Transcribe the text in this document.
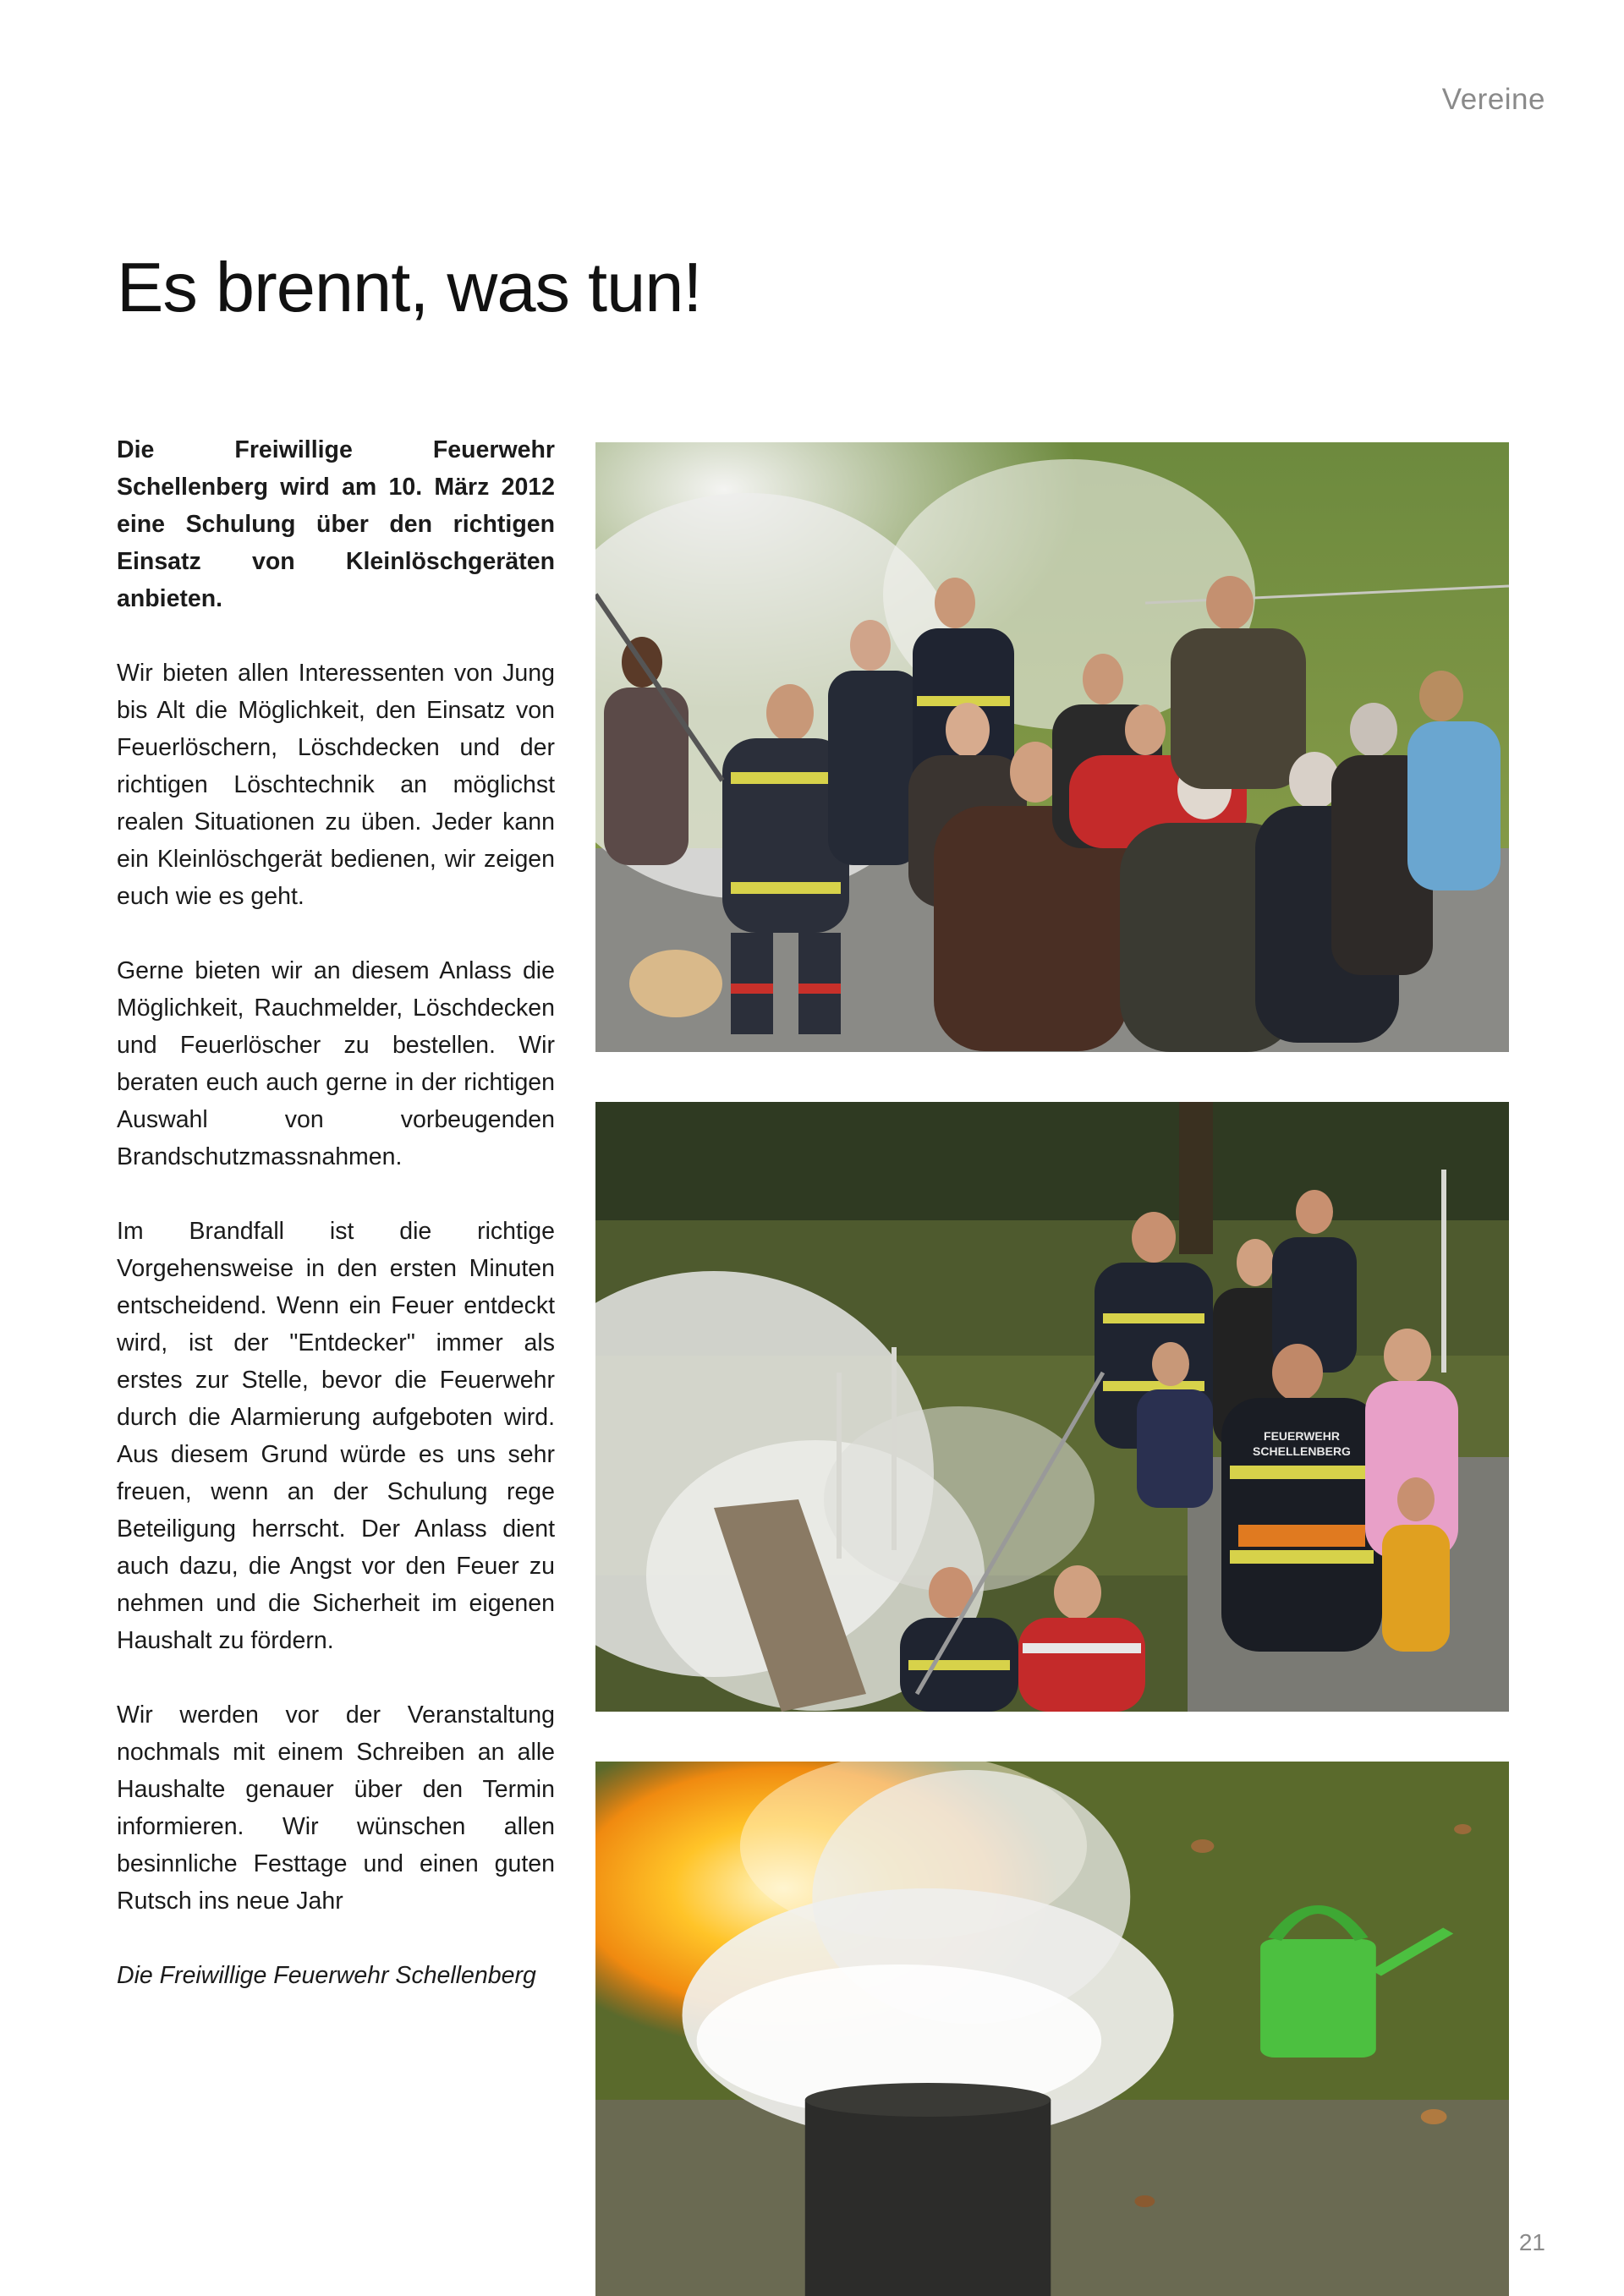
Vereine
Es brennt, was tun!

Die Freiwillige Feuerwehr Schellenberg wird am 10. März 2012 eine Schulung über den richtigen Einsatz von Kleinlöschgeräten anbieten.

Wir bieten allen Interessenten von Jung bis Alt die Möglichkeit, den Einsatz von Feuerlöschern, Löschdecken und der richtigen Löschtechnik an möglichst realen Situationen zu üben. Jeder kann ein Kleinlöschgerät bedienen, wir zeigen euch wie es geht.

Gerne bieten wir an diesem Anlass die Möglichkeit, Rauchmelder, Löschdecken und Feuerlöscher zu bestellen. Wir beraten euch auch gerne in der richtigen Auswahl von vorbeugenden Brandschutzmassnahmen.

Im Brandfall ist die richtige Vorgehensweise in den ersten Minuten entscheidend. Wenn ein Feuer entdeckt wird, ist der "Entdecker" immer als erstes zur Stelle, bevor die Feuerwehr durch die Alarmierung aufgeboten wird. Aus diesem Grund würde es uns sehr freuen, wenn an der Schulung rege Beteiligung herrscht. Der Anlass dient auch dazu, die Angst vor den Feuer zu nehmen und die Sicherheit im eigenen Haushalt zu fördern.

Wir werden vor der Veranstaltung nochmals mit einem Schreiben an alle Haushalte genauer über den Termin informieren. Wir wünschen allen besinnliche Festtage und einen guten Rutsch ins neue Jahr

Die Freiwillige Feuerwehr Schellenberg

FEUERWEHR
SCHELLENBERG
21
